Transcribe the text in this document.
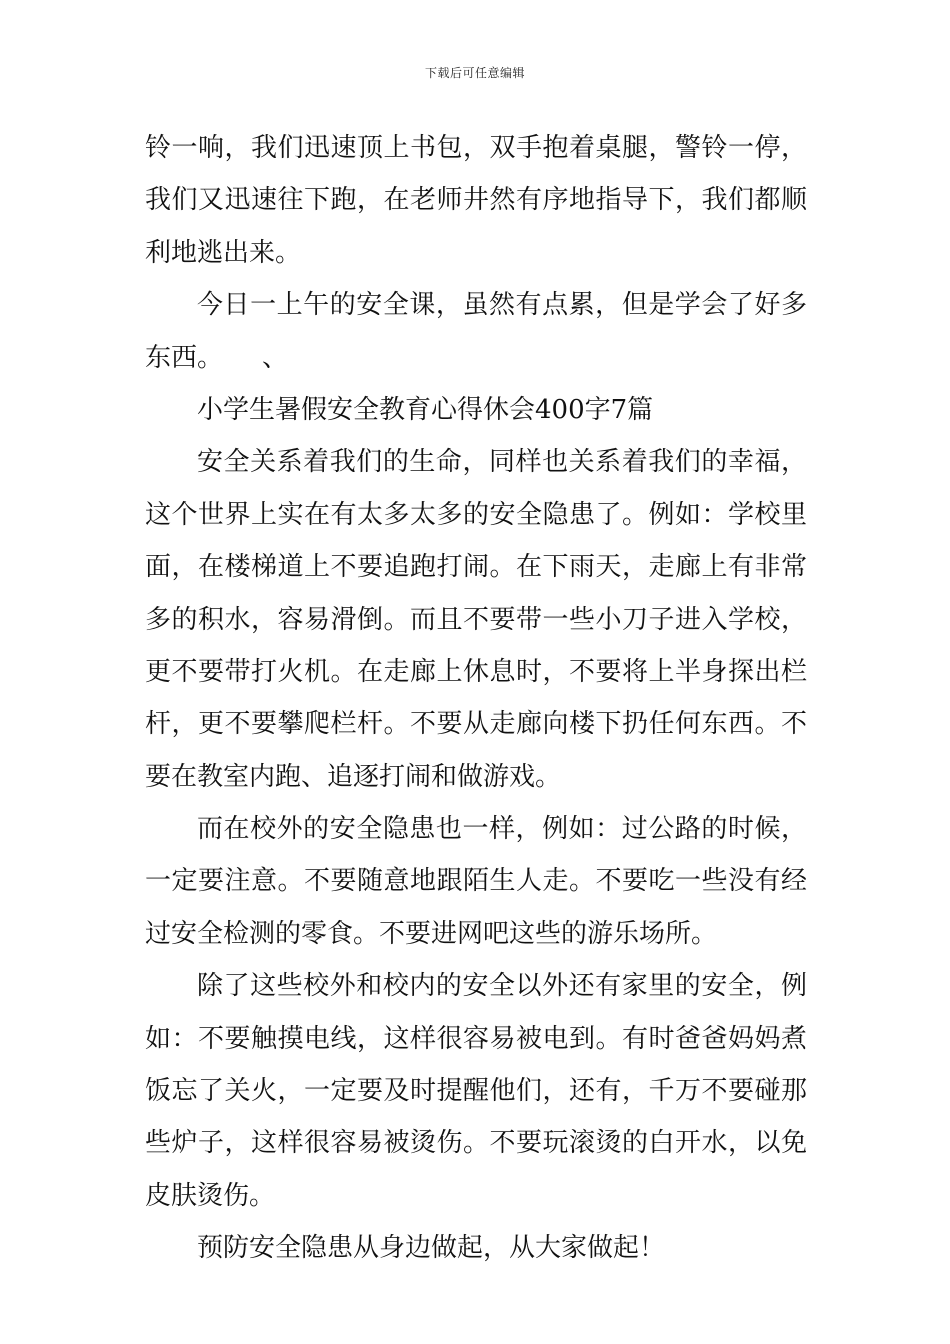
下载后可任意编辑
铃一响，我们迅速顶上书包，双手抱着桌腿，警铃一停，
我们又迅速往下跑，在老师井然有序地指导下，我们都顺
利地逃出来。
今日一上午的安全课，虽然有点累，但是学会了好多
东西。　　、
小学生暑假安全教育心得休会400字7篇
安全关系着我们的生命，同样也关系着我们的幸福，
这个世界上实在有太多太多的安全隐患了。例如：学校里
面，在楼梯道上不要追跑打闹。在下雨天，走廊上有非常
多的积水，容易滑倒。而且不要带一些小刀子进入学校，
更不要带打火机。在走廊上休息时，不要将上半身探出栏
杆，更不要攀爬栏杆。不要从走廊向楼下扔任何东西。不
要在教室内跑、追逐打闹和做游戏。
而在校外的安全隐患也一样，例如：过公路的时候，
一定要注意。不要随意地跟陌生人走。不要吃一些没有经
过安全检测的零食。不要进网吧这些的游乐场所。
除了这些校外和校内的安全以外还有家里的安全，例
如：不要触摸电线，这样很容易被电到。有时爸爸妈妈煮
饭忘了关火，一定要及时提醒他们，还有，千万不要碰那
些炉子，这样很容易被烫伤。不要玩滚烫的白开水，以免
皮肤烫伤。
预防安全隐患从身边做起，从大家做起！
